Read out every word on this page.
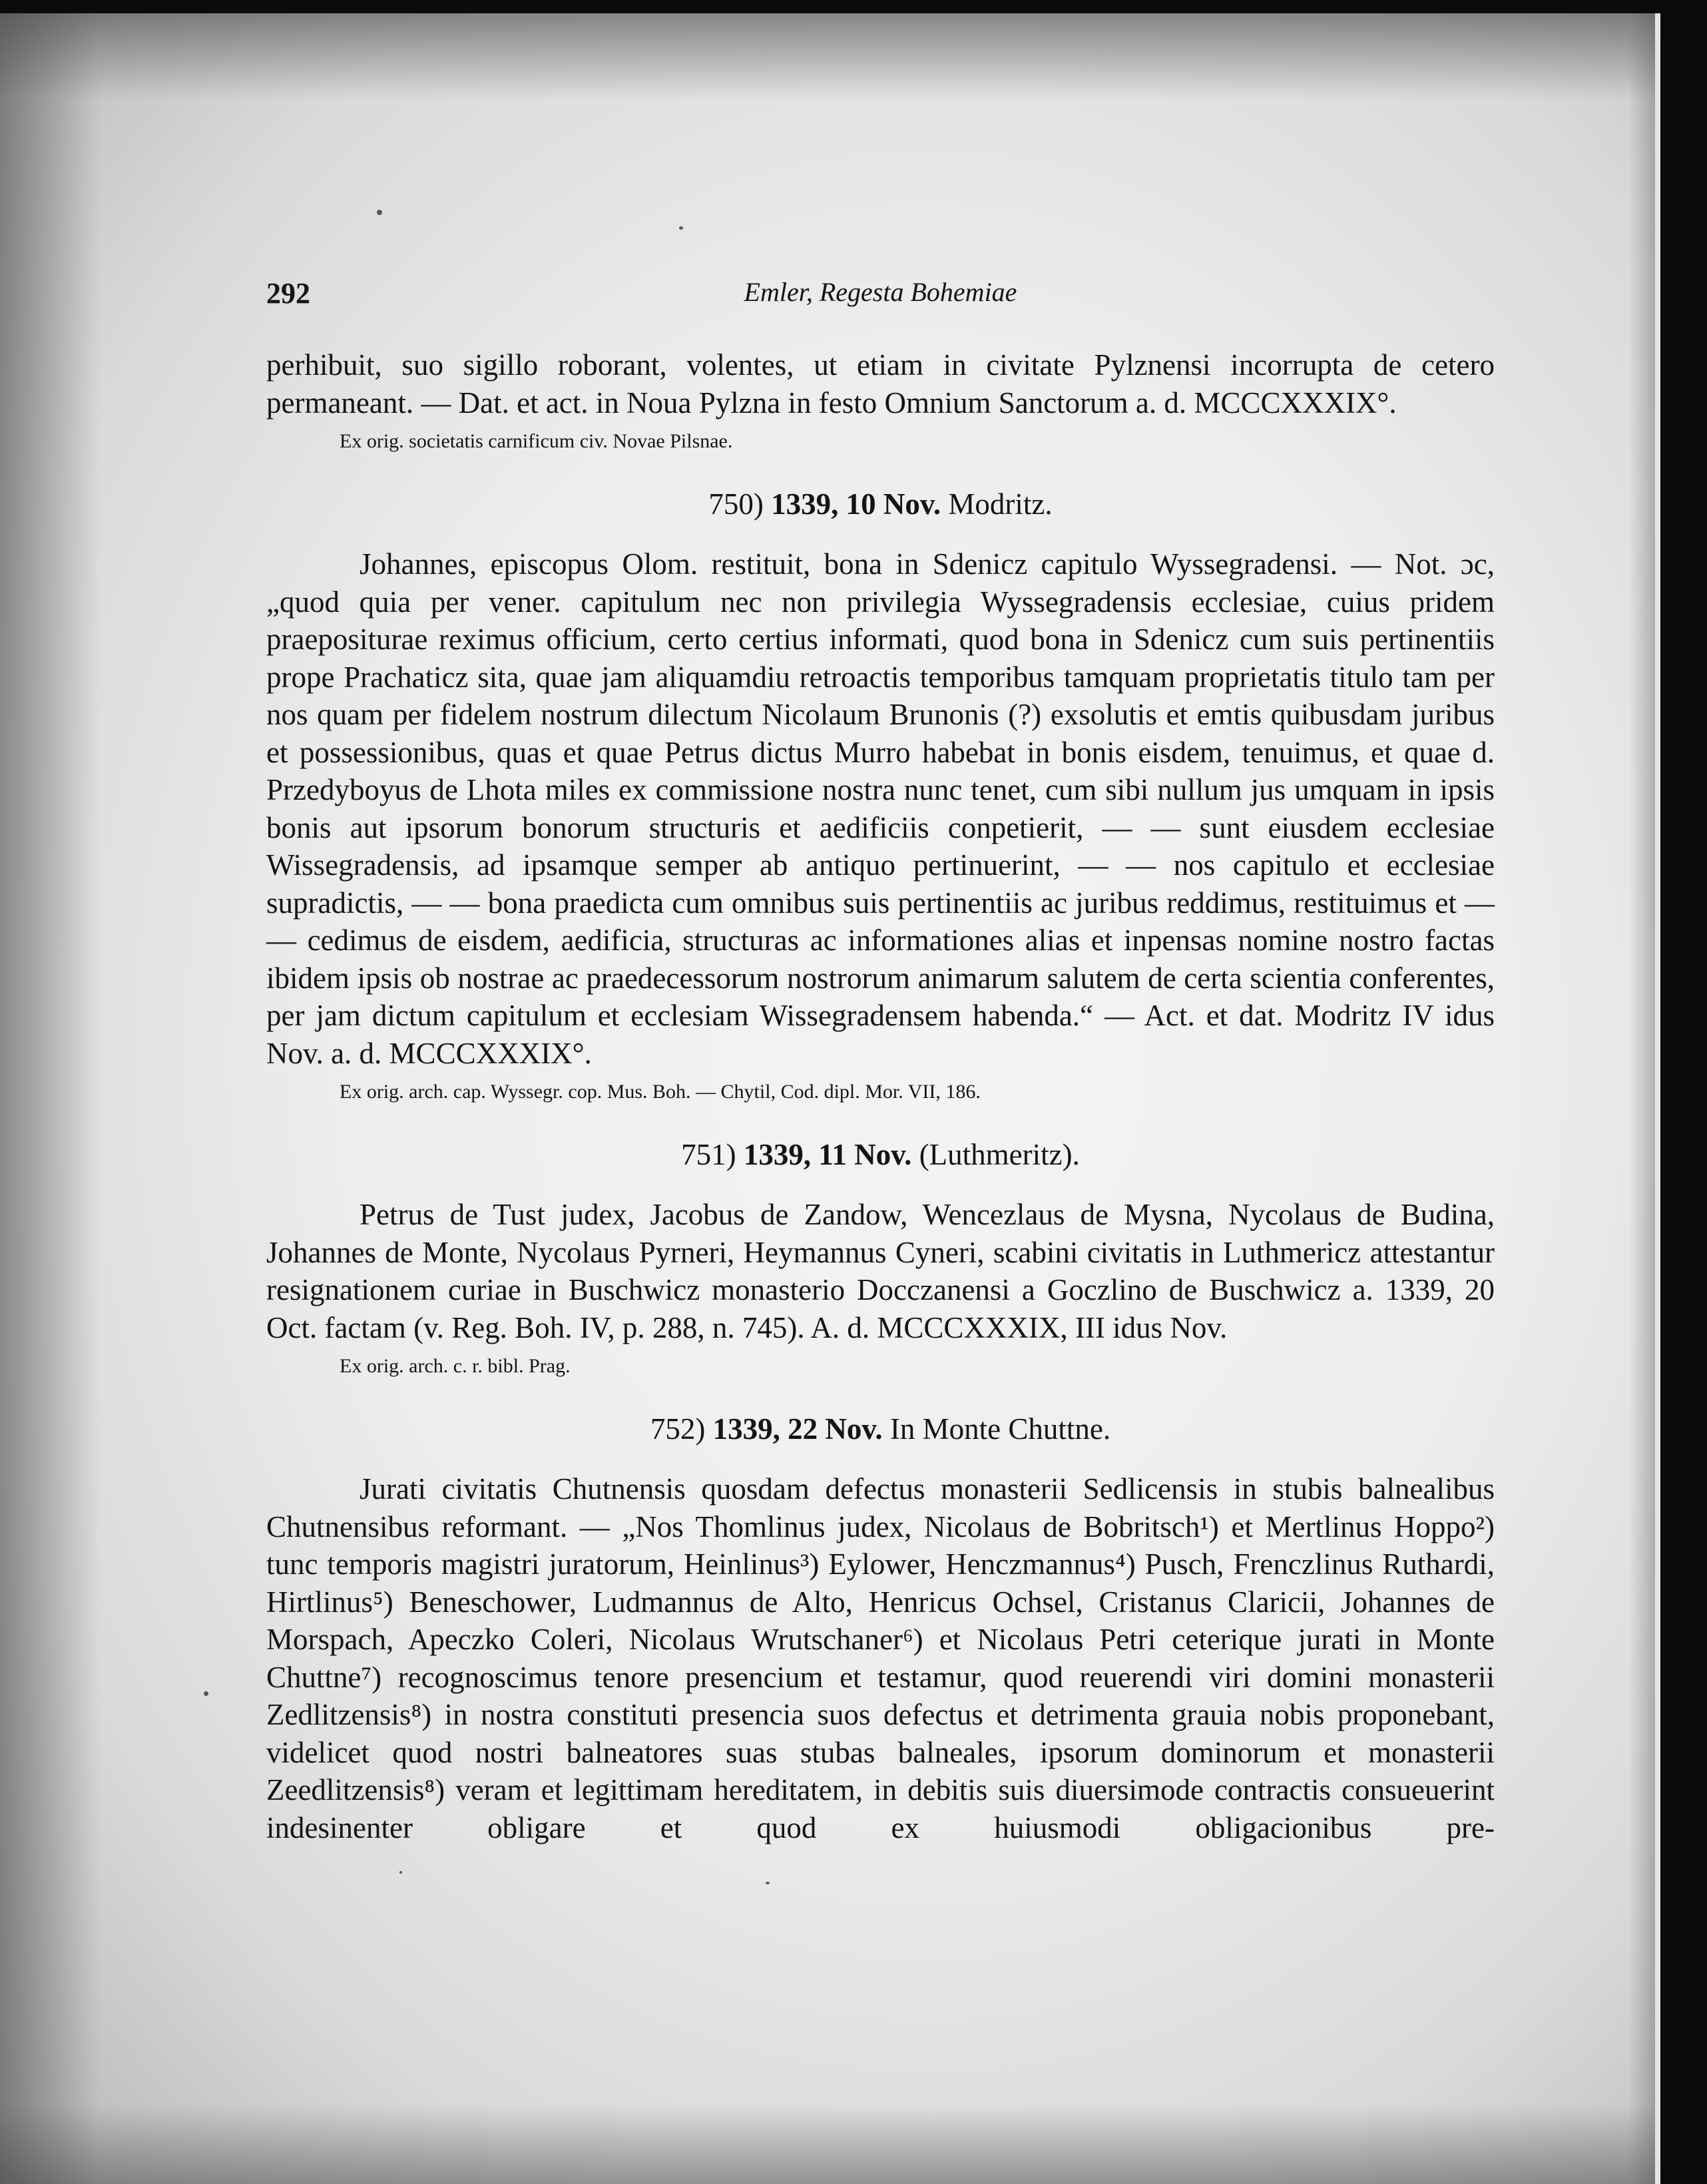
292	Emler, Regesta Bohemiae

perhibuit, suo sigillo roborant, volentes, ut etiam in civitate Pylznensi incorrupta de cetero permaneant. — Dat. et act. in Noua Pylzna in festo Omnium Sanctorum a. d. MCCCXXXIX°.

Ex orig. societatis carnificum civ. Novae Pilsnae.

750) 1339, 10 Nov. Modritz.

Johannes, episcopus Olom. restituit, bona in Sdenicz capitulo Wyssegradensi. — Not. ɔc, „quod quia per vener. capitulum nec non privilegia Wyssegradensis ecclesiae, cuius pridem praepositurae reximus officium, certo certius informati, quod bona in Sdenicz cum suis pertinentiis prope Prachaticz sita, quae jam aliquamdiu retroactis temporibus tamquam proprietatis titulo tam per nos quam per fidelem nostrum dilectum Nicolaum Brunonis (?) exsolutis et emtis quibusdam juribus et possessionibus, quas et quae Petrus dictus Murro habebat in bonis eisdem, tenuimus, et quae d. Przedyboyus de Lhota miles ex commissione nostra nunc tenet, cum sibi nullum jus umquam in ipsis bonis aut ipsorum bonorum structuris et aedificiis conpetierit, — — sunt eiusdem ecclesiae Wissegradensis, ad ipsamque semper ab antiquo pertinuerint, — — nos capitulo et ecclesiae supradictis, — — bona praedicta cum omnibus suis pertinentiis ac juribus reddimus, restituimus et — — cedimus de eisdem, aedificia, structuras ac informationes alias et inpensas nomine nostro factas ibidem ipsis ob nostrae ac praedecessorum nostrorum animarum salutem de certa scientia conferentes, per jam dictum capitulum et ecclesiam Wissegradensem habenda.“ — Act. et dat. Modritz IV idus Nov. a. d. MCCCXXXIX°.

Ex orig. arch. cap. Wyssegr. cop. Mus. Boh. — Chytil, Cod. dipl. Mor. VII, 186.

751) 1339, 11 Nov. (Luthmeritz).

Petrus de Tust judex, Jacobus de Zandow, Wencezlaus de Mysna, Nycolaus de Budina, Johannes de Monte, Nycolaus Pyrneri, Heymannus Cyneri, scabini civitatis in Luthmericz attestantur resignationem curiae in Buschwicz monasterio Docczanensi a Goczlino de Buschwicz a. 1339, 20 Oct. factam (v. Reg. Boh. IV, p. 288, n. 745). A. d. MCCCXXXIX, III idus Nov.

Ex orig. arch. c. r. bibl. Prag.

752) 1339, 22 Nov. In Monte Chuttne.

Jurati civitatis Chutnensis quosdam defectus monasterii Sedlicensis in stubis balnealibus Chutnensibus reformant. — „Nos Thomlinus judex, Nicolaus de Bobritsch¹) et Mertlinus Hoppo²) tunc temporis magistri juratorum, Heinlinus³) Eylower, Henczmannus⁴) Pusch, Frenczlinus Ruthardi, Hirtlinus⁵) Beneschower, Ludmannus de Alto, Henricus Ochsel, Cristanus Claricii, Johannes de Morspach, Apeczko Coleri, Nicolaus Wrutschaner⁶) et Nicolaus Petri ceterique jurati in Monte Chuttne⁷) recognoscimus tenore presencium et testamur, quod reuerendi viri domini monasterii Zedlitzensis⁸) in nostra constituti presencia suos defectus et detrimenta grauia nobis proponebant, videlicet quod nostri balneatores suas stubas balneales, ipsorum dominorum et monasterii Zeedlitzensis⁸) veram et legittimam hereditatem, in debitis suis diuersimode contractis consueuerint indesinenter obligare et quod ex huiusmodi obligacionibus pre-
